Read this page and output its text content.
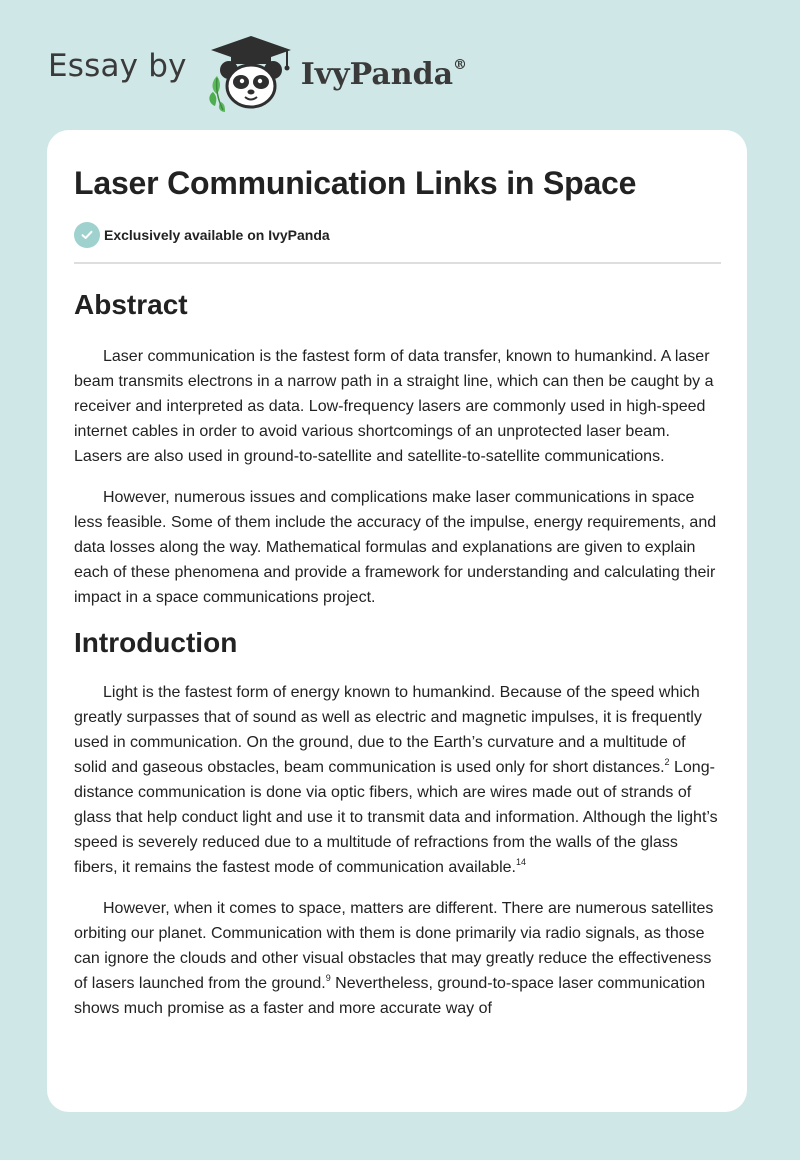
Essay by	IvyPanda®
Laser Communication Links in Space
Exclusively available on IvyPanda
Abstract

Laser communication is the fastest form of data transfer, known to humankind. A laser beam transmits electrons in a narrow path in a straight line, which can then be caught by a receiver and interpreted as data. Low-frequency lasers are commonly used in high-speed internet cables in order to avoid various shortcomings of an unprotected laser beam. Lasers are also used in ground-to-satellite and satellite-to-satellite communications.

However, numerous issues and complications make laser communications in space less feasible. Some of them include the accuracy of the impulse, energy requirements, and data losses along the way. Mathematical formulas and explanations are given to explain each of these phenomena and provide a framework for understanding and calculating their impact in a space communications project.

Introduction

Light is the fastest form of energy known to humankind. Because of the speed which greatly surpasses that of sound as well as electric and magnetic impulses, it is frequently used in communication. On the ground, due to the Earth’s curvature and a multitude of solid and gaseous obstacles, beam communication is used only for short distances.$^2$ Long-distance communication is done via optic fibers, which are wires made out of strands of glass that help conduct light and use it to transmit data and information. Although the light’s speed is severely reduced due to a multitude of refractions from the walls of the glass fibers, it remains the fastest mode of communication available.$^{14}$

However, when it comes to space, matters are different. There are numerous satellites orbiting our planet. Communication with them is done primarily via radio signals, as those can ignore the clouds and other visual obstacles that may greatly reduce the effectiveness of lasers launched from the ground.$^9$ Nevertheless, ground-to-space laser communication shows much promise as a faster and more accurate way of
